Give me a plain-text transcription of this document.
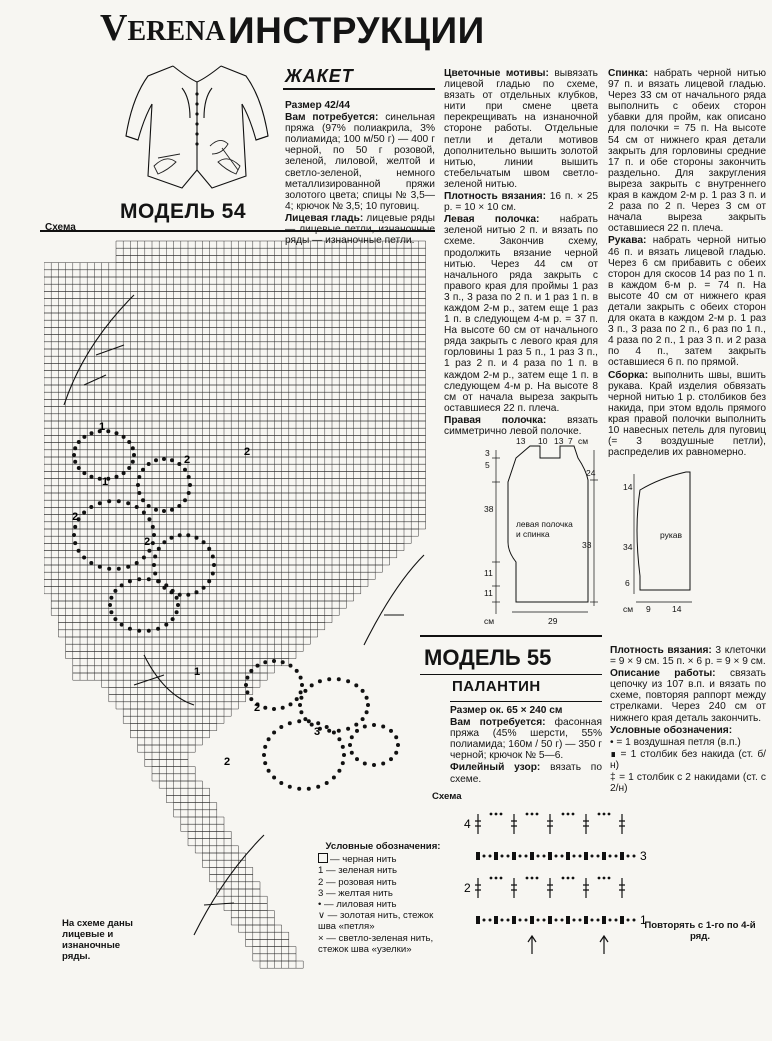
VERENA ИНСТРУКЦИИ
ЖАКЕТ
МОДЕЛЬ 54
Схема

Размер 42/44

Вам потребуется: синельная пряжа (97% полиакрила, 3% полиамида; 100 м/50 г) — 400 г черной, по 50 г розовой, зеленой, лиловой, желтой и светло-зеленой, немного металлизированной пряжи золотого цвета; спицы № 3,5—4; крючок № 3,5; 10 пуговиц.

Лицевая гладь: лицевые ряды — лицевые петли, изнаночные ряды — изнаночные петли.

Цветочные мотивы: вывязать лицевой гладью по схеме, вязать от отдельных клубков, нити при смене цвета перекрещивать на изнаночной стороне работы. Отдельные петли и детали мотивов дополнительно вышить золотой нитью, линии вышить стебельчатым швом светло-зеленой нитью.

Плотность вязания: 16 п. × 25 р. = 10 × 10 см.

Левая полочка: набрать зеленой нитью 2 п. и вязать по схеме. Закончив схему, продолжить вязание черной нитью. Через 44 см от начального ряда закрыть с правого края для проймы 1 раз 3 п., 3 раза по 2 п. и 1 раз 1 п. в каждом 2-м р., затем еще 1 раз 1 п. в следующем 4-м р. = 37 п. На высоте 60 см от начального ряда закрыть с левого края для горловины 1 раз 5 п., 1 раз 3 п., 1 раз 2 п. и 4 раза по 1 п. в каждом 2-м р., затем еще 1 п. в следующем 4-м р. На высоте 8 см от начала выреза закрыть оставшиеся 22 п. плеча.

Правая полочка: вязать симметрично левой полочке.

Спинка: набрать черной нитью 97 п. и вязать лицевой гладью. Через 33 см от начального ряда выполнить с обеих сторон убавки для пройм, как описано для полочки = 75 п. На высоте 54 см от нижнего края детали закрыть для горловины средние 17 п. и обе стороны закончить раздельно. Для закругления выреза закрыть с внутреннего края в каждом 2-м р. 1 раз 3 п. и 2 раза по 2 п. Через 3 см от начала выреза закрыть оставшиеся 22 п. плеча.

Рукава: набрать черной нитью 46 п. и вязать лицевой гладью. Через 6 см прибавить с обеих сторон для скосов 14 раз по 1 п. в каждом 6-м р. = 74 п. На высоте 40 см от нижнего края детали закрыть с обеих сторон для оката в каждом 2-м р. 1 раз 3 п., 3 раза по 2 п., 6 раз по 1 п., 4 раза по 2 п., 1 раз 3 п. и 2 раза по 4 п., затем закрыть оставшиеся 6 п. по прямой.

Сборка: выполнить швы, вшить рукава. Край изделия обвязать черной нитью 1 р. столбиков без накида, при этом вдоль прямого края правой полочки выполнить 10 навесных петель для пуговиц (= 3 воздушные петли), распределив их равномерно.

1
2
2
2
2
2
3
2
1
1
Условные обозначения:
— черная нить
1 — зеленая нить
2 — розовая нить
3 — желтая нить
• — лиловая нить
∨ — золотая нить, стежок шва «петля»
× — светло-зеленая нить, стежок шва «узелки»
На схеме даны лицевые и изнаночные ряды.
3
5
13 10 13 7 см
24
38
33
11
11
29
см
левая полочка и спинка
14
34
6
см 9	14
рукав
МОДЕЛЬ 55
ПАЛАНТИН

Размер ок. 65 × 240 см

Вам потребуется: фасонная пряжа (45% шерсти, 55% полиамида; 160м / 50 г) — 350 г черной; крючок № 5—6.

Филейный узор: вязать по схеме.

Плотность вязания: 3 клеточки = 9 × 9 см. 15 п. × 6 р. = 9 × 9 см.

Описание работы: связать цепочку из 107 в.п. и вязать по схеме, повторяя раппорт между стрелками. Через 240 см от нижнего края деталь закончить.

Условные обозначения:

• = 1 воздушная петля (в.п.)

∎ = 1 столбик без накида (ст. б/н)

‡ = 1 столбик с 2 накидами (ст. с 2/н)

Схема
4
3
2
1
Повторять с 1-го по 4-й ряд.
